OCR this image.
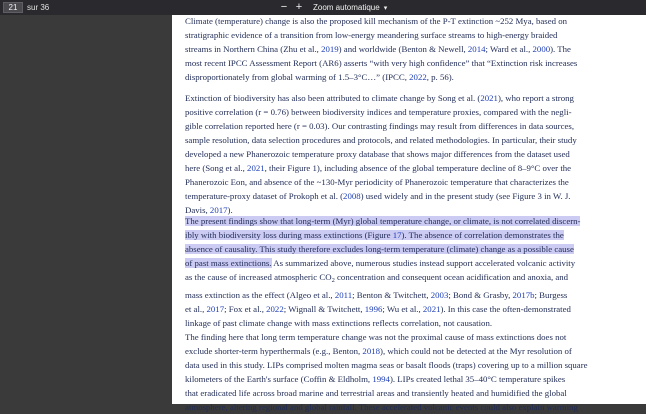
21
sur 36	− +	Zoom automatique ▾
Climate (temperature) change is also the proposed kill mechanism of the P-T extinction ~252 Mya, based on
stratigraphic evidence of a transition from low-energy meandering surface streams to high-energy braided
streams in Northern China (Zhu et al., 2019) and worldwide (Benton & Newell, 2014; Ward et al., 2000). The
most recent IPCC Assessment Report (AR6) asserts “with very high confidence” that “Extinction risk increases
disproportionately from global warming of 1.5–3°C…” (IPCC, 2022, p. 56).
Extinction of biodiversity has also been attributed to climate change by Song et al. (2021), who report a strong
positive correlation (r = 0.76) between biodiversity indices and temperature proxies, compared with the negli-
gible correlation reported here (r = 0.03). Our contrasting findings may result from differences in data sources,
sample resolution, data selection procedures and protocols, and related methodologies. In particular, their study
developed a new Phanerozoic temperature proxy database that shows major differences from the dataset used
here (Song et al., 2021, their Figure 1), including absence of the global temperature decline of 8–9°C over the
Phanerozoic Eon, and absence of the ~130-Myr periodicity of Phanerozoic temperature that characterizes the
temperature-proxy dataset of Prokoph et al. (2008) used widely and in the present study (see Figure 3 in W. J.
Davis, 2017).
The present findings show that long-term (Myr) global temperature change, or climate, is not correlated discern-
ibly with biodiversity loss during mass extinctions (Figure 17). The absence of correlation demonstrates the
absence of causality. This study therefore excludes long-term temperature (climate) change as a possible cause
of past mass extinctions. As summarized above, numerous studies instead support accelerated volcanic activity
as the cause of increased atmospheric $CO_2$ concentration and consequent ocean acidification and anoxia, and
mass extinction as the effect (Algeo et al., 2011; Benton & Twitchett, 2003; Bond & Grasby, 2017b; Burgess
et al., 2017; Fox et al., 2022; Wignall & Twitchett, 1996; Wu et al., 2021). In this case the often-demonstrated
linkage of past climate change with mass extinctions reflects correlation, not causation.
The finding here that long term temperature change was not the proximal cause of mass extinctions does not
exclude shorter-term hyperthermals (e.g., Benton, 2018), which could not be detected at the Myr resolution of
data used in this study. LIPs comprised molten magma seas or basalt floods (traps) covering up to a million square
kilometers of the Earth's surface (Coffin & Eldholm, 1994). LIPs created lethal 35–40°C temperature spikes
that eradicated life across broad marine and terrestrial areas and transiently heated and humidified the global
atmosphere, altering regional and global rainfall. These accelerated volcanic events could also explain warming
